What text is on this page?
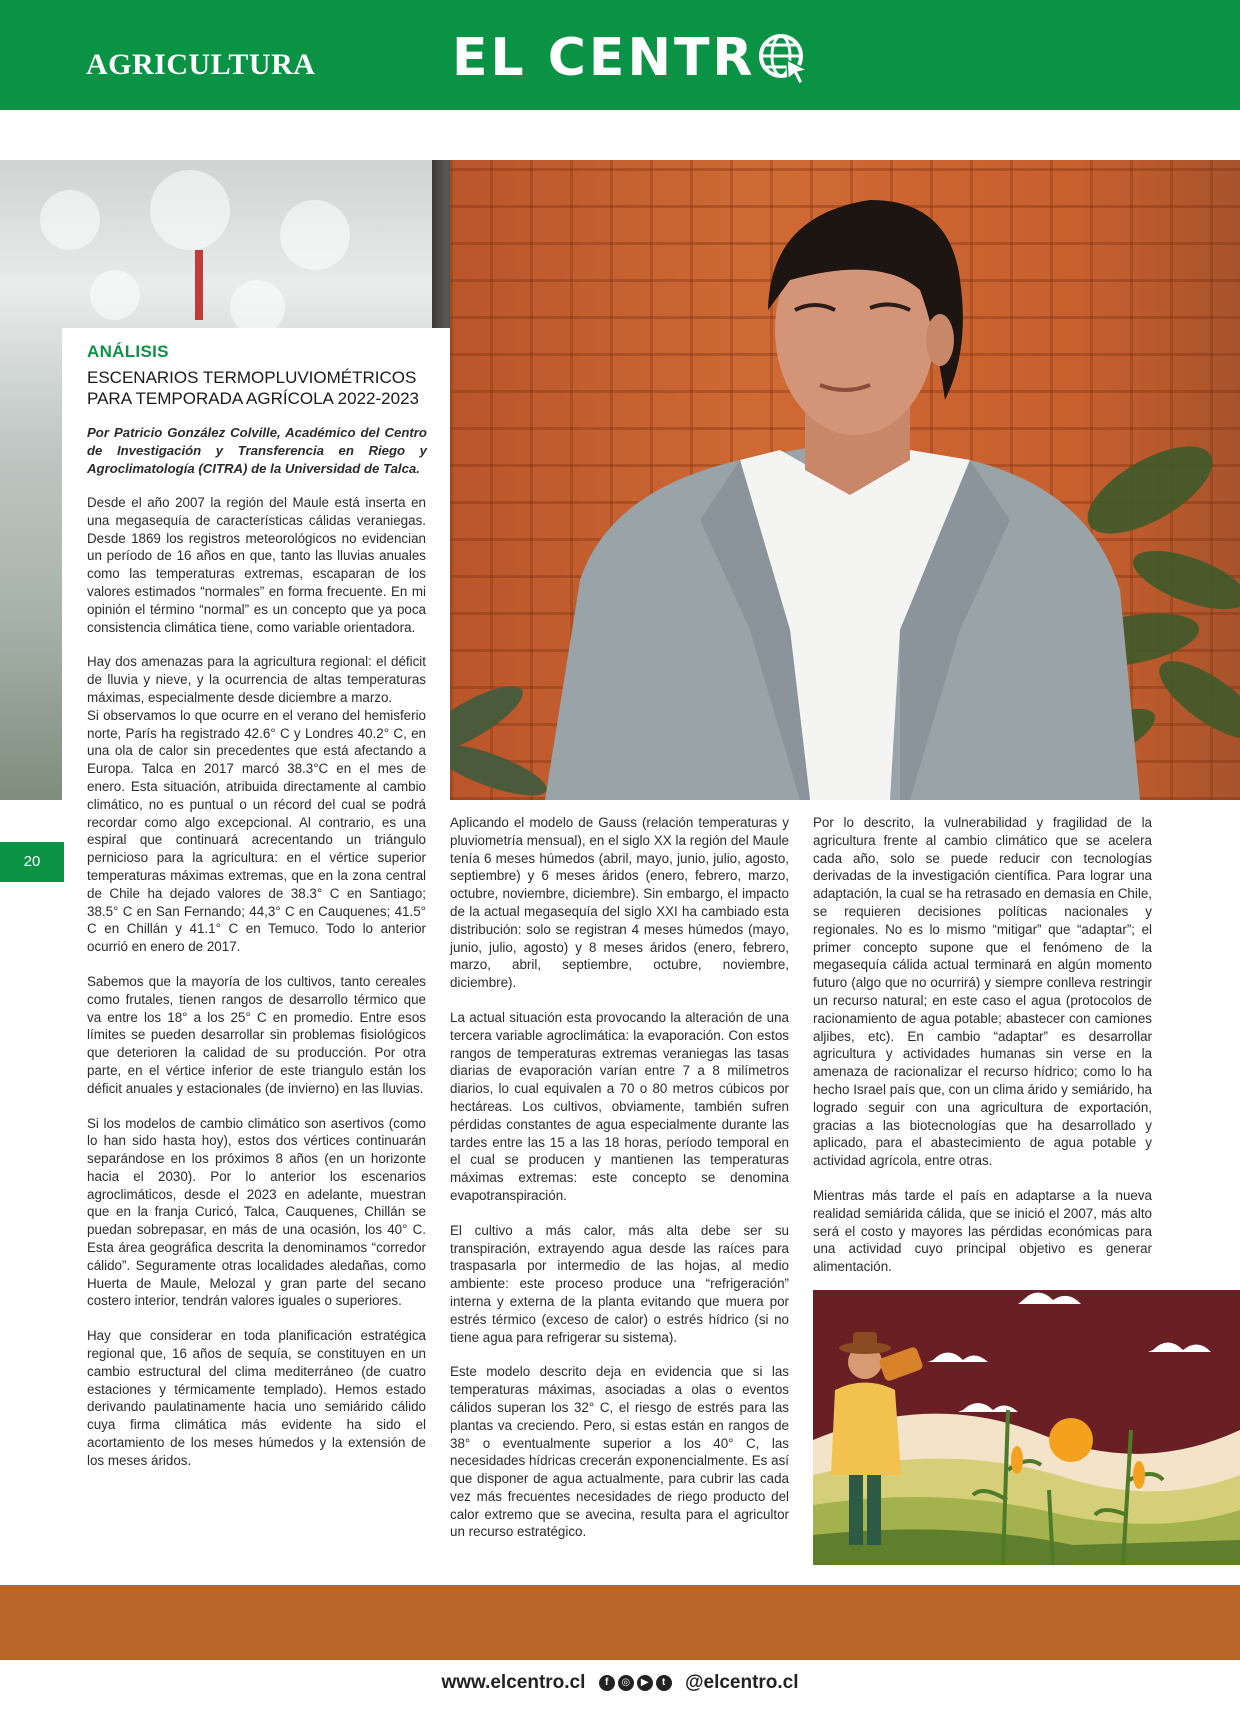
AGRICULTURA	EL CENTR
ANÁLISIS
ESCENARIOS TERMOPLUVIOMÉTRICOS PARA TEMPORADA AGRÍCOLA 2022-2023
Por Patricio González Colville, Académico del Centro de Investigación y Transferencia en Riego y Agroclimatología (CITRA) de la Universidad de Talca.

Desde el año 2007 la región del Maule está inserta en una megasequía de características cálidas veraniegas. Desde 1869 los registros meteorológicos no evidencian un período de 16 años en que, tanto las lluvias anuales como las temperaturas extremas, escaparan de los valores estimados “normales” en forma frecuente. En mi opinión el término “normal” es un concepto que ya poca consistencia climática tiene, como variable orientadora.

Hay dos amenazas para la agricultura regional: el déficit de lluvia y nieve, y la ocurrencia de altas temperaturas máximas, especialmente desde diciembre a marzo.

Si observamos lo que ocurre en el verano del hemisferio norte, París ha registrado 42.6° C y Londres 40.2° C, en una ola de calor sin precedentes que está afectando a Europa. Talca en 2017 marcó 38.3°C en el mes de enero. Esta situación, atribuida directamente al cambio climático, no es puntual o un récord del cual se podrá recordar como algo excepcional. Al contrario, es una espiral que continuará acrecentando un triángulo pernicioso para la agricultura: en el vértice superior temperaturas máximas extremas, que en la zona central de Chile ha dejado valores de 38.3° C en Santiago; 38.5° C en San Fernando; 44,3° C en Cauquenes; 41.5° C en Chillán y 41.1° C en Temuco. Todo lo anterior ocurrió en enero de 2017.

Sabemos que la mayoría de los cultivos, tanto cereales como frutales, tienen rangos de desarrollo térmico que va entre los 18° a los 25° C en promedio. Entre esos límites se pueden desarrollar sin problemas fisiológicos que deterioren la calidad de su producción. Por otra parte, en el vértice inferior de este triangulo están los déficit anuales y estacionales (de invierno) en las lluvias.

Si los modelos de cambio climático son asertivos (como lo han sido hasta hoy), estos dos vértices continuarán separándose en los próximos 8 años (en un horizonte hacia el 2030). Por lo anterior los escenarios agroclimáticos, desde el 2023 en adelante, muestran que en la franja Curicó, Talca, Cauquenes, Chillán se puedan sobrepasar, en más de una ocasión, los 40° C. Esta área geográfica descrita la denominamos “corredor cálido”. Seguramente otras localidades aledañas, como Huerta de Maule, Melozal y gran parte del secano costero interior, tendrán valores iguales o superiores.

Hay que considerar en toda planificación estratégica regional que, 16 años de sequía, se constituyen en un cambio estructural del clima mediterráneo (de cuatro estaciones y térmicamente templado). Hemos estado derivando paulatinamente hacia uno semiárido cálido cuya firma climática más evidente ha sido el acortamiento de los meses húmedos y la extensión de los meses áridos.

20

Aplicando el modelo de Gauss (relación temperaturas y pluviometría mensual), en el siglo XX la región del Maule tenía 6 meses húmedos (abril, mayo, junio, julio, agosto, septiembre) y 6 meses áridos (enero, febrero, marzo, octubre, noviembre, diciembre). Sin embargo, el impacto de la actual megasequía del siglo XXI ha cambiado esta distribución: solo se registran 4 meses húmedos (mayo, junio, julio, agosto) y 8 meses áridos (enero, febrero, marzo, abril, septiembre, octubre, noviembre, diciembre).

La actual situación esta provocando la alteración de una tercera variable agroclimática: la evaporación. Con estos rangos de temperaturas extremas veraniegas las tasas diarias de evaporación varían entre 7 a 8 milímetros diarios, lo cual equivalen a 70 o 80 metros cúbicos por hectáreas. Los cultivos, obviamente, también sufren pérdidas constantes de agua especialmente durante las tardes entre las 15 a las 18 horas, período temporal en el cual se producen y mantienen las temperaturas máximas extremas: este concepto se denomina evapotranspiración.

El cultivo a más calor, más alta debe ser su transpiración, extrayendo agua desde las raíces para traspasarla por intermedio de las hojas, al medio ambiente: este proceso produce una “refrigeración” interna y externa de la planta evitando que muera por estrés térmico (exceso de calor) o estrés hídrico (si no tiene agua para refrigerar su sistema).

Este modelo descrito deja en evidencia que si las temperaturas máximas, asociadas a olas o eventos cálidos superan los 32° C, el riesgo de estrés para las plantas va creciendo. Pero, si estas están en rangos de 38° o eventualmente superior a los 40° C, las necesidades hídricas crecerán exponencialmente. Es así que disponer de agua actualmente, para cubrir las cada vez más frecuentes necesidades de riego producto del calor extremo que se avecina, resulta para el agricultor un recurso estratégico.

Por lo descrito, la vulnerabilidad y fragilidad de la agricultura frente al cambio climático que se acelera cada año, solo se puede reducir con tecnologías derivadas de la investigación científica. Para lograr una adaptación, la cual se ha retrasado en demasía en Chile, se requieren decisiones políticas nacionales y regionales. No es lo mismo “mitigar” que “adaptar”; el primer concepto supone que el fenómeno de la megasequía cálida actual terminará en algún momento futuro (algo que no ocurrirá) y siempre conlleva restringir un recurso natural; en este caso el agua (protocolos de racionamiento de agua potable; abastecer con camiones aljibes, etc). En cambio “adaptar” es desarrollar agricultura y actividades humanas sin verse en la amenaza de racionalizar el recurso hídrico; como lo ha hecho Israel país que, con un clima árido y semiárido, ha logrado seguir con una agricultura de exportación, gracias a las biotecnologías que ha desarrollado y aplicado, para el abastecimiento de agua potable y actividad agrícola, entre otras.

Mientras más tarde el país en adaptarse a la nueva realidad semiárida cálida, que se inició el 2007, más alto será el costo y mayores las pérdidas económicas para una actividad cuyo principal objetivo es generar alimentación.

www.elcentro.cl	f	◎	▶	t	@elcentro.cl
